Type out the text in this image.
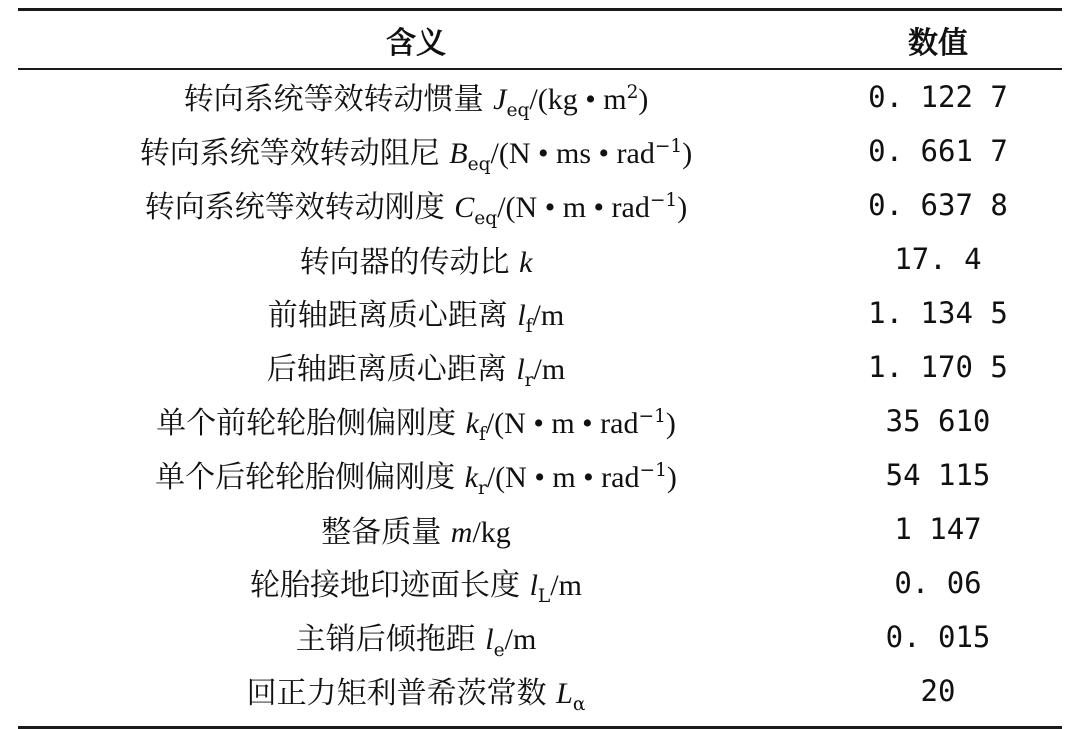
含义	数值
转向系统等效转动惯量 $J_{eq}/(kg$ • $m^2$)	0. 122 7
转向系统等效转动阻尼 $B_{eq}/(N$ • ms • rad$^{-1}$)	0. 661 7
转向系统等效转动刚度 $C_{eq}/(N$ • m • rad$^{-1}$)	0. 637 8
转向器的传动比 k	17. 4
前轴距离质心距离 $l_f/m$	1. 134 5
后轴距离质心距离 $l_r/m$	1. 170 5
单个前轮轮胎侧偏刚度 $k_f/(N$ • m • rad$^{-1}$)	35 610
单个后轮轮胎侧偏刚度 $k_r/(N$ • m • rad$^{-1}$)	54 115
整备质量 m/kg	1 147
轮胎接地印迹面长度 $l_L/m$	0. 06
主销后倾拖距 $l_e/m$	0. 015
回正力矩利普希茨常数 $L_\alpha$	20
